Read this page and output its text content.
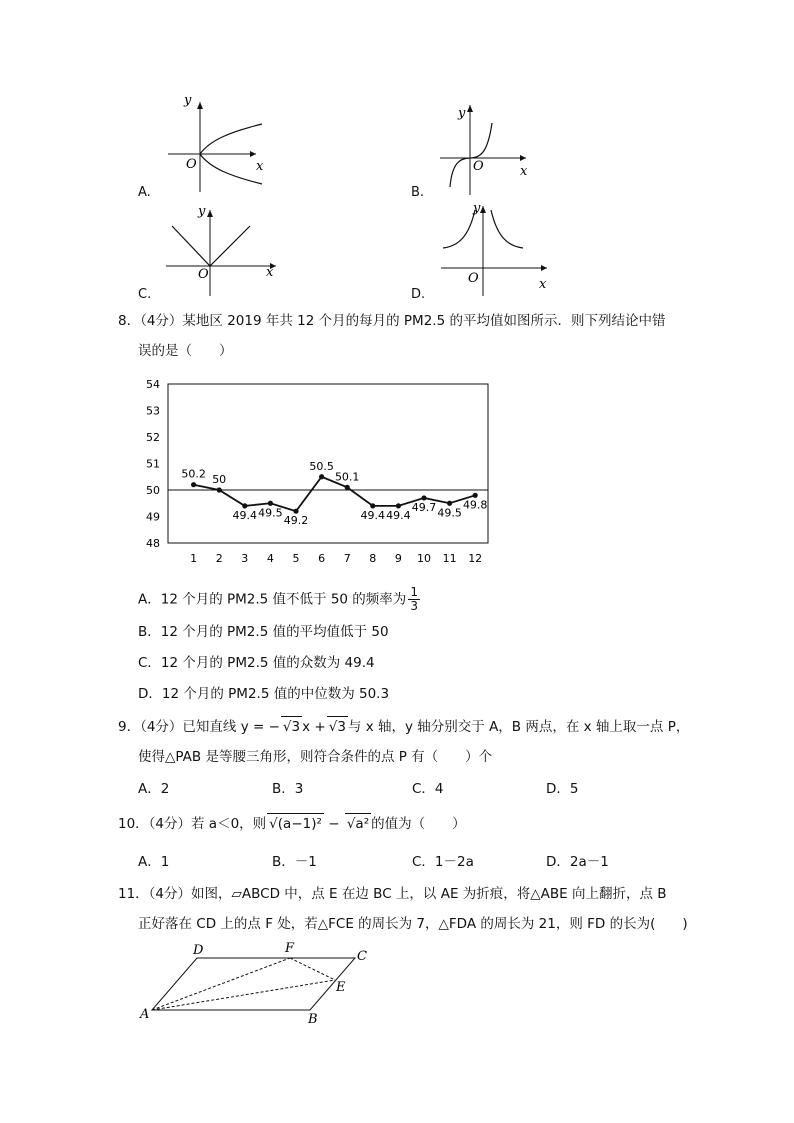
y
x
O
A.
y
x
O
B.
y
x
O
C.
y
x
O
D.
8．（4分）某地区 2019 年共 12 个月的每月的 PM2.5 的平均值如图所示．则下列结论中错
误的是（　　）
54
53
52
51
50
49
48
1 2 3 4 5 6 7 8 9 10 11 12
50.2 50
49.4 49.5
49.2
50.5
50.1
49.4 49.4
49.7 49.5
49.8
A．12 个月的 PM2.5 值不低于 50 的频率为 $\frac{1}{3}$
B．12 个月的 PM2.5 值的平均值低于 50
C．12 个月的 PM2.5 值的众数为 49.4
D．12 个月的 PM2.5 值的中位数为 50.3
9．（4分）已知直线 y = − √3 x + √3 与 x 轴，y 轴分别交于 A，B 两点，在 x 轴上取一点 P，
使得△PAB 是等腰三角形，则符合条件的点 P 有（　　）个
A．2	B．3	C．4	D．5
10．（4分）若 a＜0，则 √(a−1)² − √a² 的值为（　　）
A．1	B．－1	C．1－2a	D．2a－1
11．（4分）如图，▱ABCD 中，点 E 在边 BC 上，以 AE 为折痕，将△ABE 向上翻折，点 B
正好落在 CD 上的点 F 处，若△FCE 的周长为 7，△FDA 的周长为 21，则 FD 的长为(　　)
D	F
C
E
A	B
